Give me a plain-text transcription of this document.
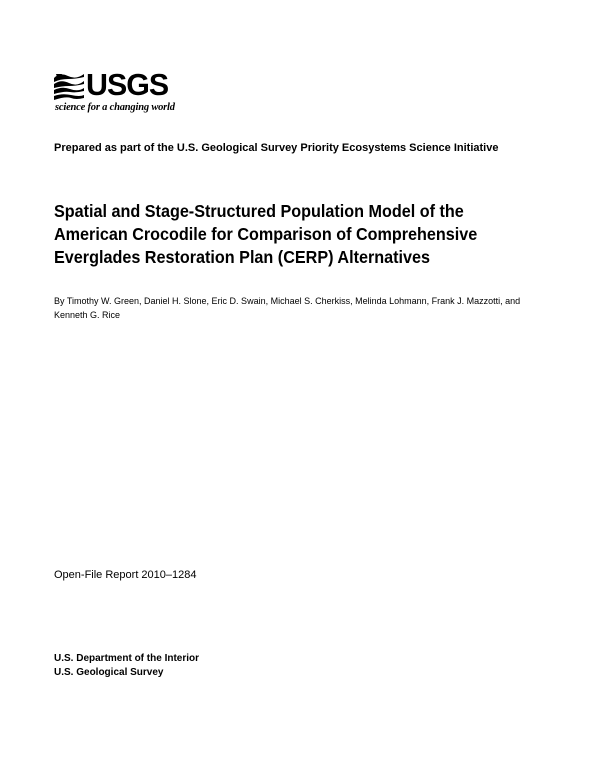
USGS
science for a changing world
Prepared as part of the U.S. Geological Survey Priority Ecosystems Science Initiative
Spatial and Stage-Structured Population Model of the
American Crocodile for Comparison of Comprehensive
Everglades Restoration Plan (CERP) Alternatives
By Timothy W. Green, Daniel H. Slone, Eric D. Swain, Michael S. Cherkiss, Melinda Lohmann, Frank J. Mazzotti, and
Kenneth G. Rice
Open-File Report 2010–1284
U.S. Department of the Interior
U.S. Geological Survey
